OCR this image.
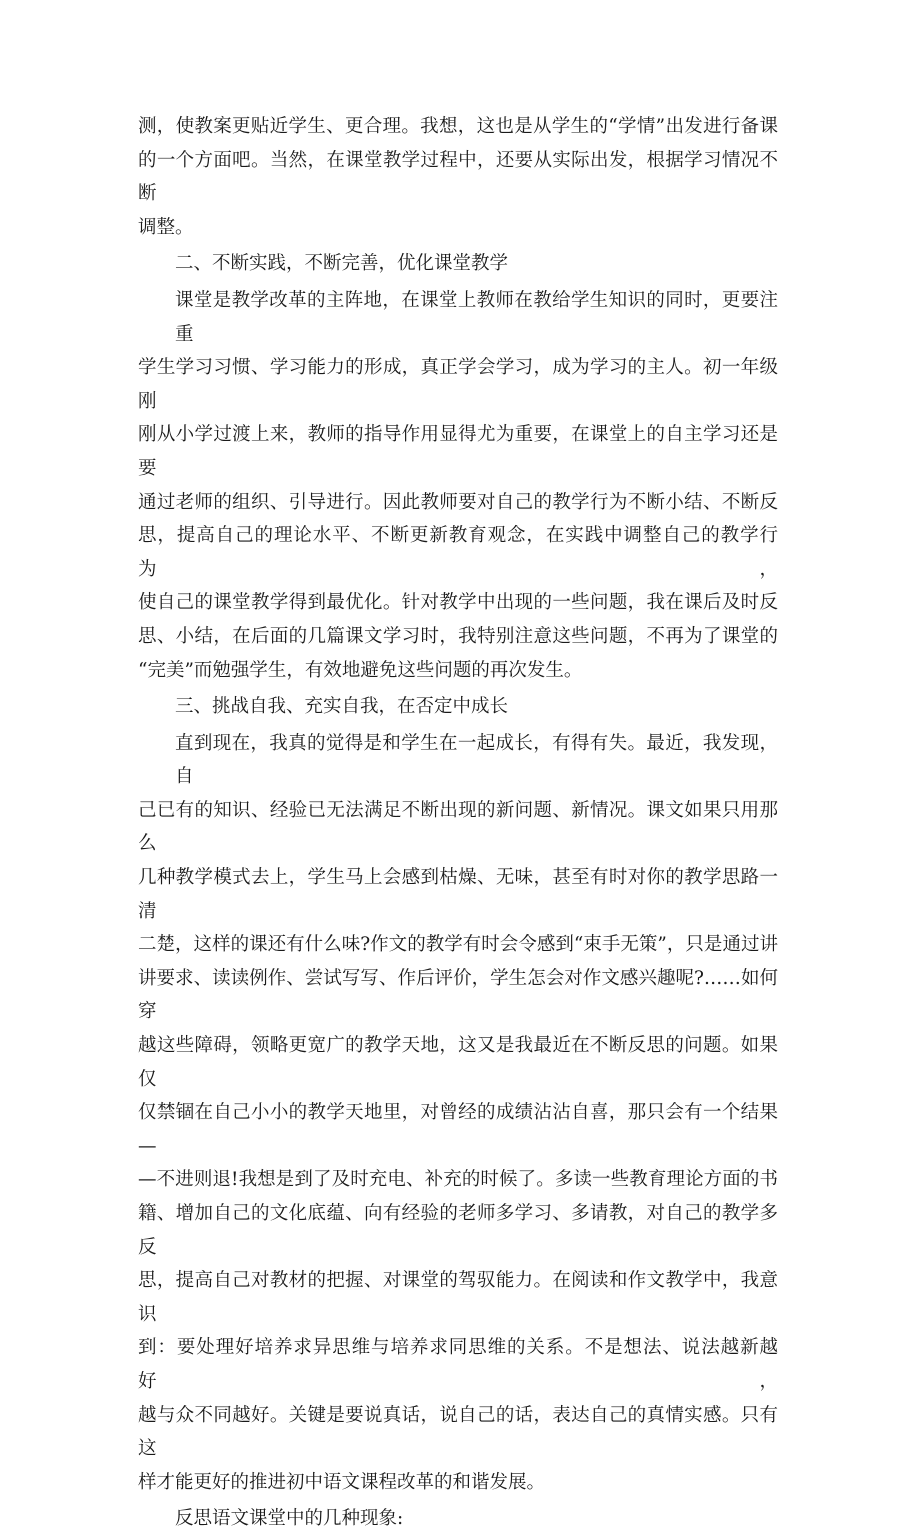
测，使教案更贴近学生、更合理。我想，这也是从学生的“学情”出发进行备课
的一个方面吧。当然，在课堂教学过程中，还要从实际出发，根据学习情况不断
调整。

二、不断实践，不断完善，优化课堂教学

课堂是教学改革的主阵地，在课堂上教师在教给学生知识的同时，更要注重
学生学习习惯、学习能力的形成，真正学会学习，成为学习的主人。初一年级刚
刚从小学过渡上来，教师的指导作用显得尤为重要，在课堂上的自主学习还是要
通过老师的组织、引导进行。因此教师要对自己的教学行为不断小结、不断反
思，提高自己的理论水平、不断更新教育观念，在实践中调整自己的教学行为，
使自己的课堂教学得到最优化。针对教学中出现的一些问题，我在课后及时反
思、小结，在后面的几篇课文学习时，我特别注意这些问题，不再为了课堂的
“完美”而勉强学生，有效地避免这些问题的再次发生。

三、挑战自我、充实自我，在否定中成长

直到现在，我真的觉得是和学生在一起成长，有得有失。最近，我发现，自
己已有的知识、经验已无法满足不断出现的新问题、新情况。课文如果只用那么
几种教学模式去上，学生马上会感到枯燥、无味，甚至有时对你的教学思路一清
二楚，这样的课还有什么味?作文的教学有时会令感到“束手无策”，只是通过讲
讲要求、读读例作、尝试写写、作后评价，学生怎会对作文感兴趣呢?……如何穿
越这些障碍，领略更宽广的教学天地，这又是我最近在不断反思的问题。如果仅
仅禁锢在自己小小的教学天地里，对曾经的成绩沾沾自喜，那只会有一个结果—
—不进则退!我想是到了及时充电、补充的时候了。多读一些教育理论方面的书
籍、增加自己的文化底蕴、向有经验的老师多学习、多请教，对自己的教学多反
思，提高自己对教材的把握、对课堂的驾驭能力。在阅读和作文教学中，我意识
到：要处理好培养求异思维与培养求同思维的关系。不是想法、说法越新越好，
越与众不同越好。关键是要说真话，说自己的话，表达自己的真情实感。只有这
样才能更好的推进初中语文课程改革的和谐发展。

反思语文课堂中的几种现象:
